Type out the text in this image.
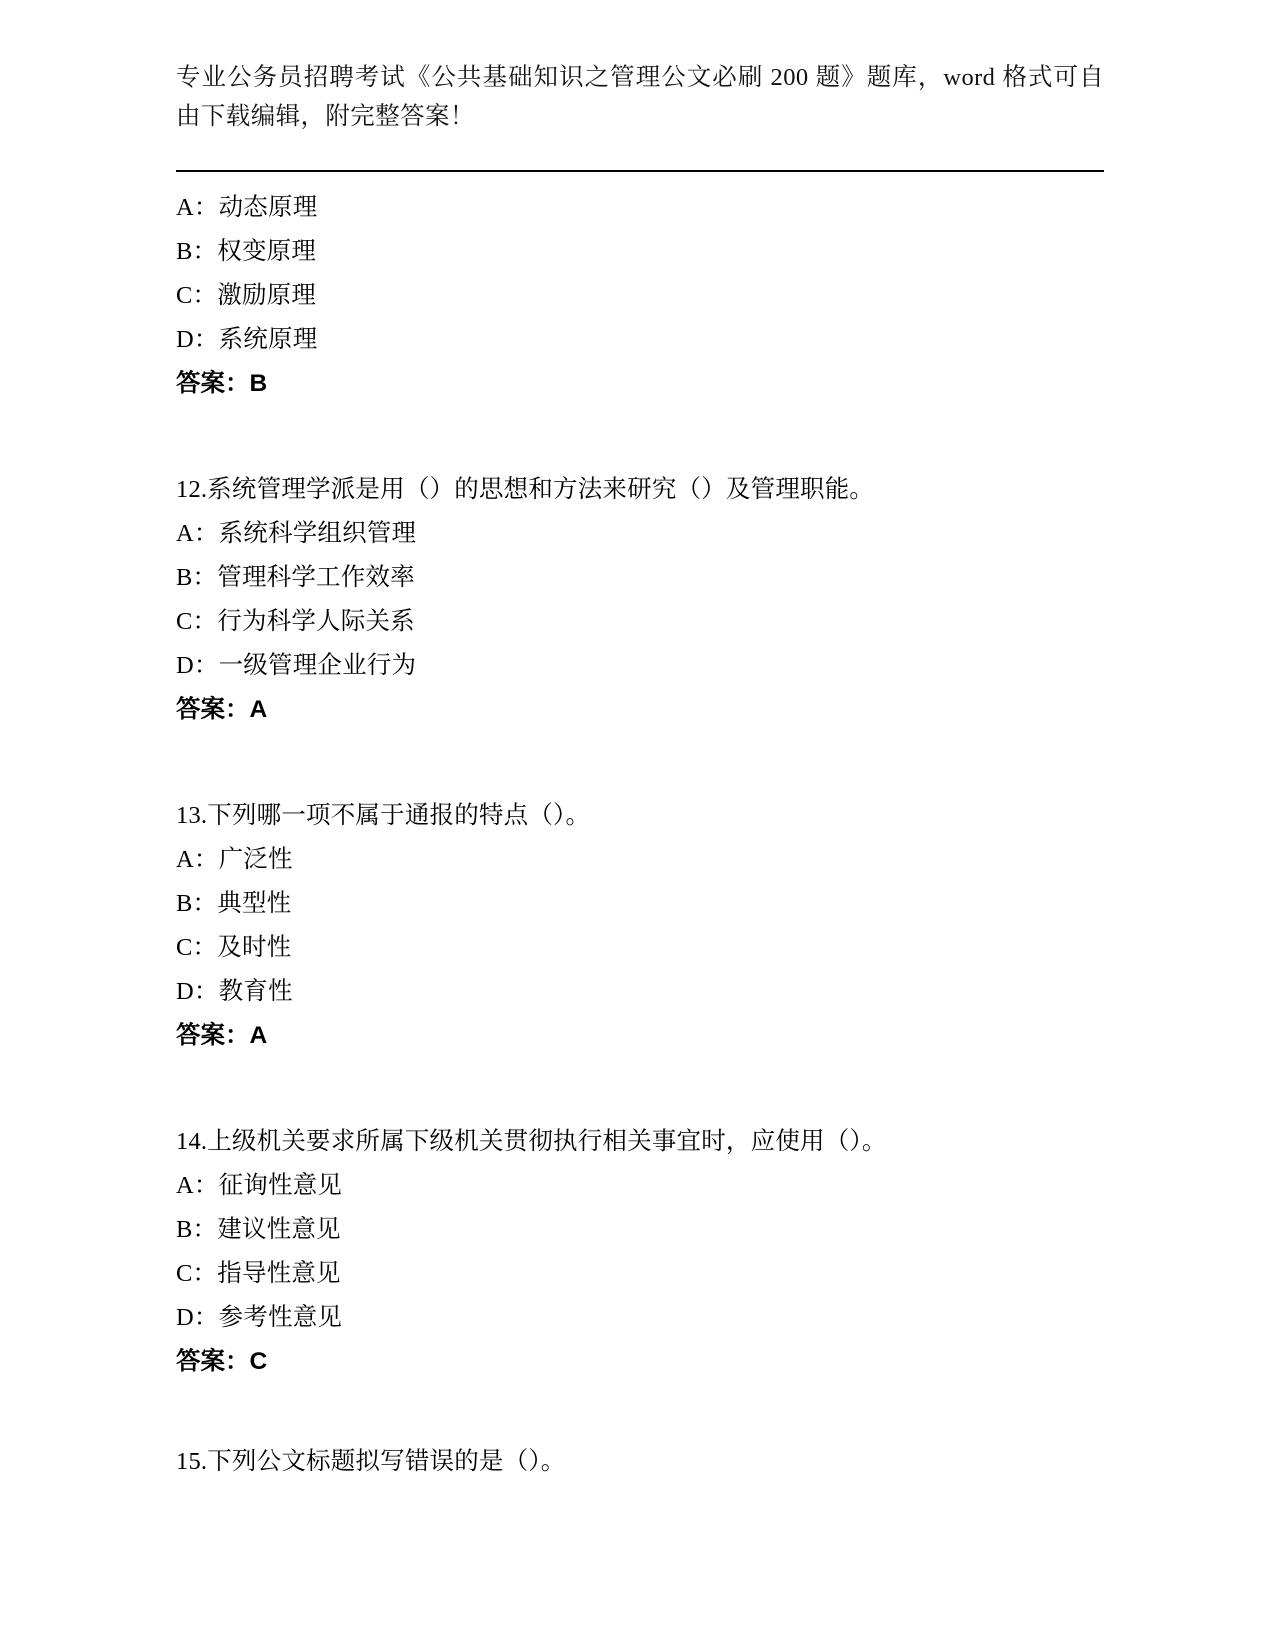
专业公务员招聘考试《公共基础知识之管理公文必刷 200 题》题库，word 格式可自由下载编辑，附完整答案！

A：动态原理

B：权变原理

C：激励原理

D：系统原理

答案：B

12.系统管理学派是用（）的思想和方法来研究（）及管理职能。

A：系统科学组织管理

B：管理科学工作效率

C：行为科学人际关系

D：一级管理企业行为

答案：A

13.下列哪一项不属于通报的特点（）。

A：广泛性

B：典型性

C：及时性

D：教育性

答案：A

14.上级机关要求所属下级机关贯彻执行相关事宜时，应使用（）。

A：征询性意见

B：建议性意见

C：指导性意见

D：参考性意见

答案：C

15.下列公文标题拟写错误的是（）。
